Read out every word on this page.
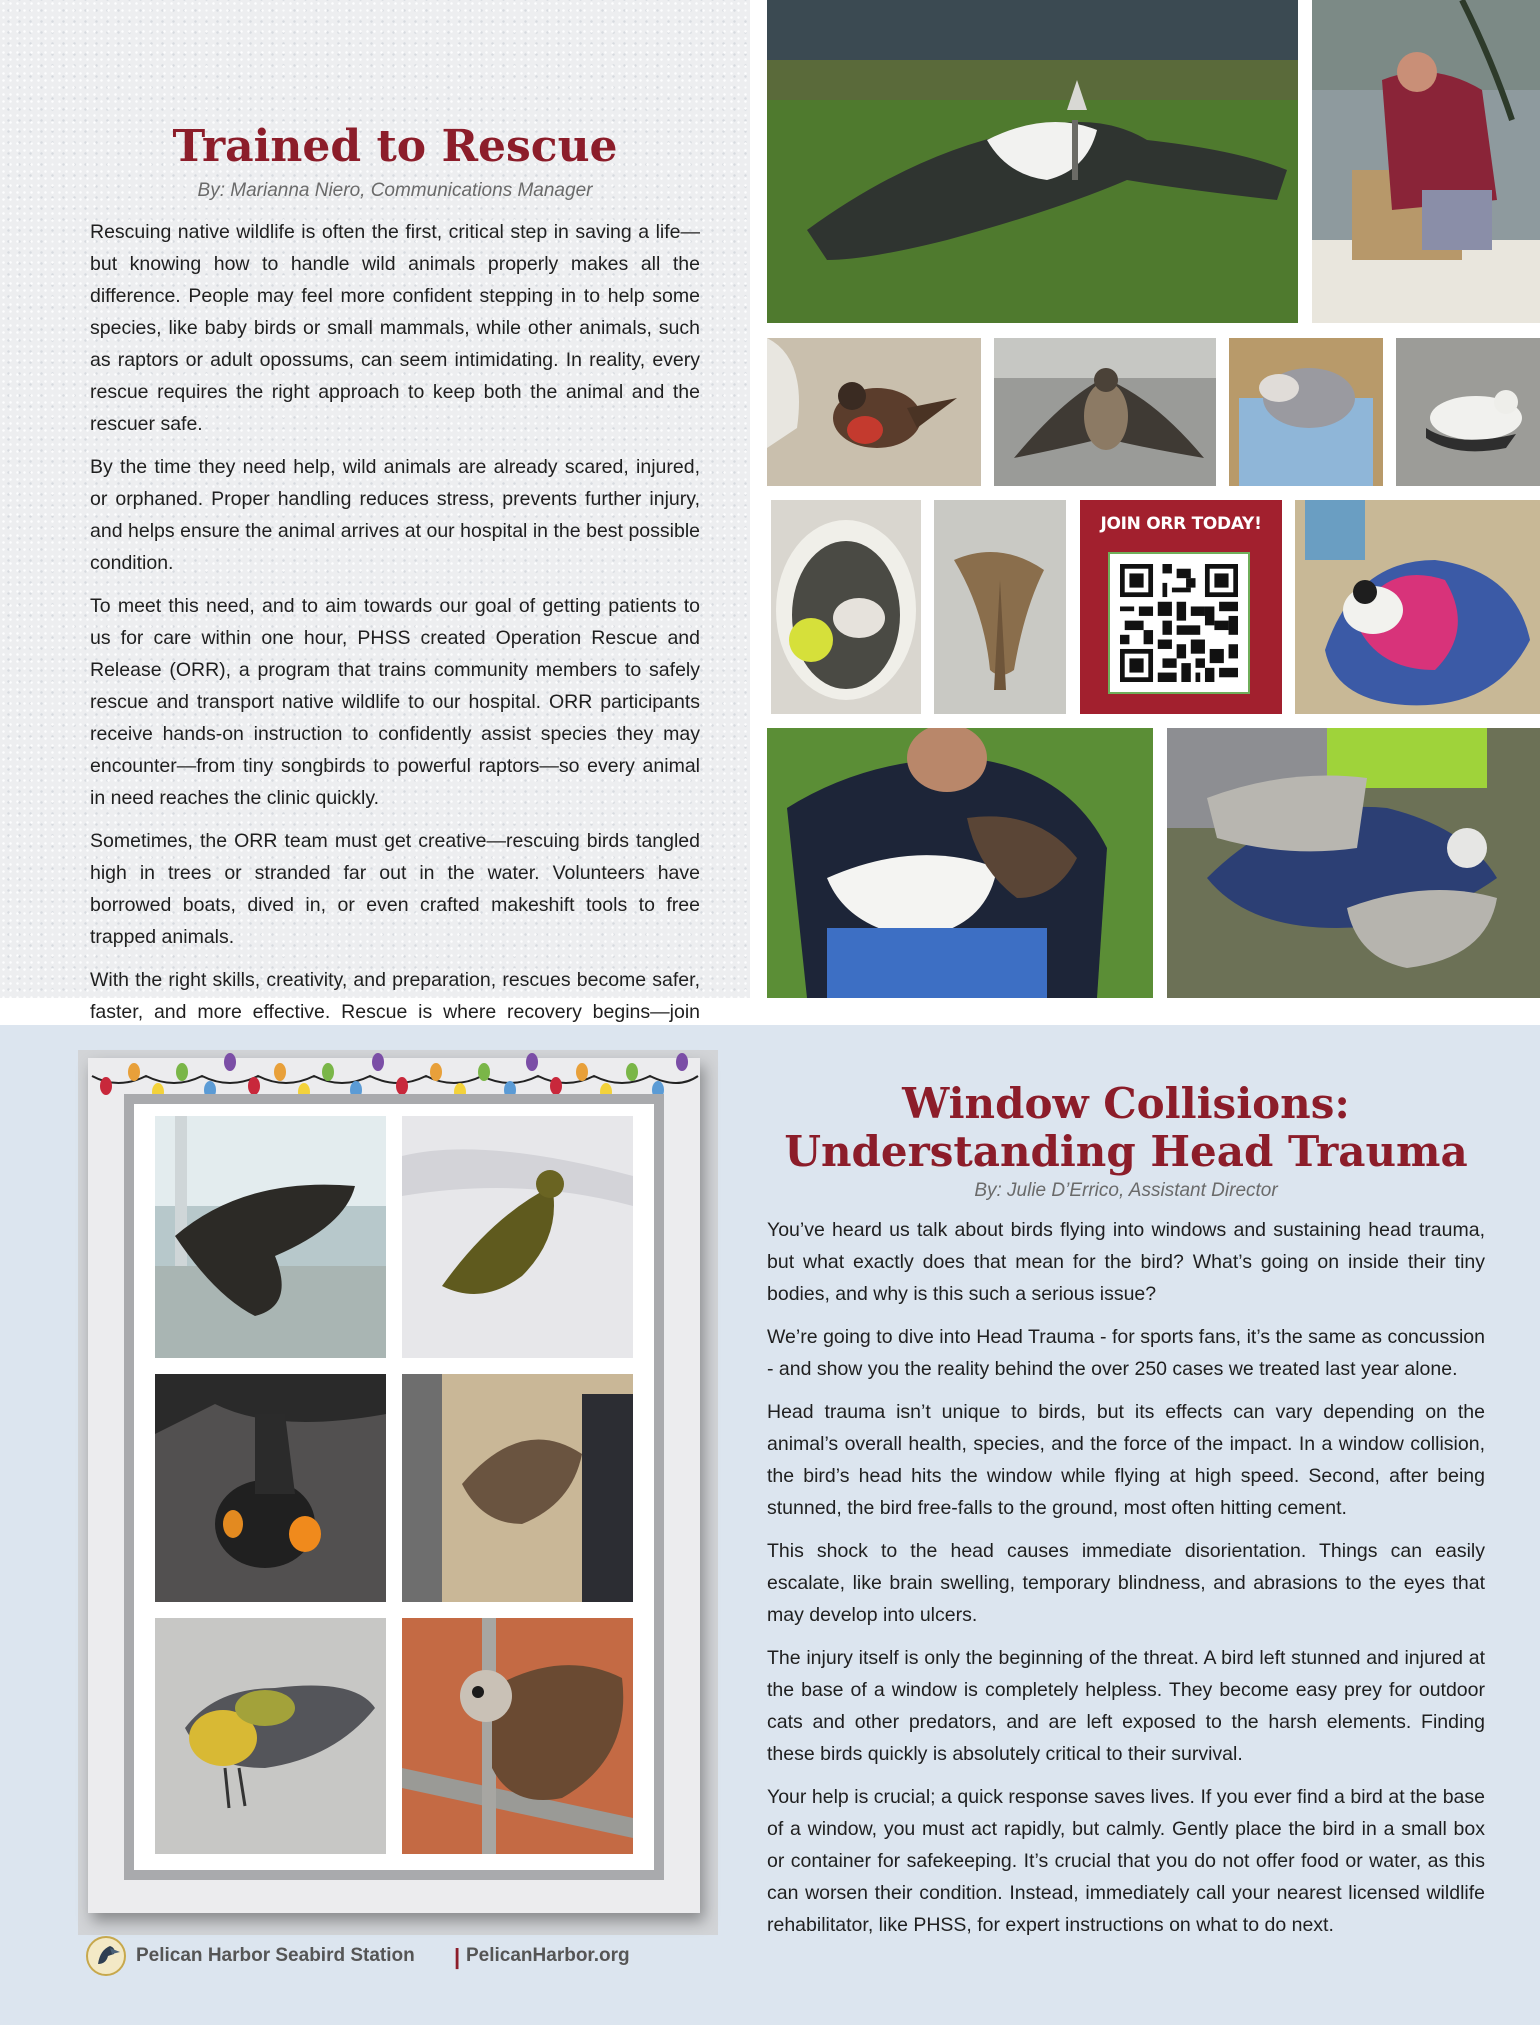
Trained to Rescue

By: Marianna Niero, Communications Manager

Rescuing native wildlife is often the first, critical step in saving a life—but knowing how to handle wild animals properly makes all the difference. People may feel more confident stepping in to help some species, like baby birds or small mammals, while other animals, such as raptors or adult opossums, can seem intimidating. In reality, every rescue requires the right approach to keep both the animal and the rescuer safe.

By the time they need help, wild animals are already scared, injured, or orphaned. Proper handling reduces stress, prevents further injury, and helps ensure the animal arrives at our hospital in the best possible condition.

To meet this need, and to aim towards our goal of getting patients to us for care within one hour, PHSS created Operation Rescue and Release (ORR), a program that trains community members to safely rescue and transport native wildlife to our hospital. ORR participants receive hands-on instruction to confidently assist species they may encounter—from tiny songbirds to powerful raptors—so every animal in need reaches the clinic quickly.

Sometimes, the ORR team must get creative—rescuing birds tangled high in trees or stranded far out in the water. Volunteers have borrowed boats, dived in, or even crafted makeshift tools to free trapped animals.

With the right skills, creativity, and preparation, rescues become safer, faster, and more effective. Rescue is where recovery begins—join

JOIN ORR TODAY!
Pelican Harbor Seabird Station | PelicanHarbor.org
Window Collisions:
Understanding Head Trauma

By: Julie D’Errico, Assistant Director

You’ve heard us talk about birds flying into windows and sustaining head trauma, but what exactly does that mean for the bird? What’s going on inside their tiny bodies, and why is this such a serious issue?

We’re going to dive into Head Trauma - for sports fans, it’s the same as concussion - and show you the reality behind the over 250 cases we treated last year alone.

Head trauma isn’t unique to birds, but its effects can vary depending on the animal’s overall health, species, and the force of the impact. In a window collision, the bird’s head hits the window while flying at high speed. Second, after being stunned, the bird free-falls to the ground, most often hitting cement.

This shock to the head causes immediate disorientation. Things can easily escalate, like brain swelling, temporary blindness, and abrasions to the eyes that may develop into ulcers.

The injury itself is only the beginning of the threat. A bird left stunned and injured at the base of a window is completely helpless. They become easy prey for outdoor cats and other predators, and are left exposed to the harsh elements. Finding these birds quickly is absolutely critical to their survival.

Your help is crucial; a quick response saves lives. If you ever find a bird at the base of a window, you must act rapidly, but calmly. Gently place the bird in a small box or container for safekeeping. It’s crucial that you do not offer food or water, as this can worsen their condition. Instead, immediately call your nearest licensed wildlife rehabilitator, like PHSS, for expert instructions on what to do next.
